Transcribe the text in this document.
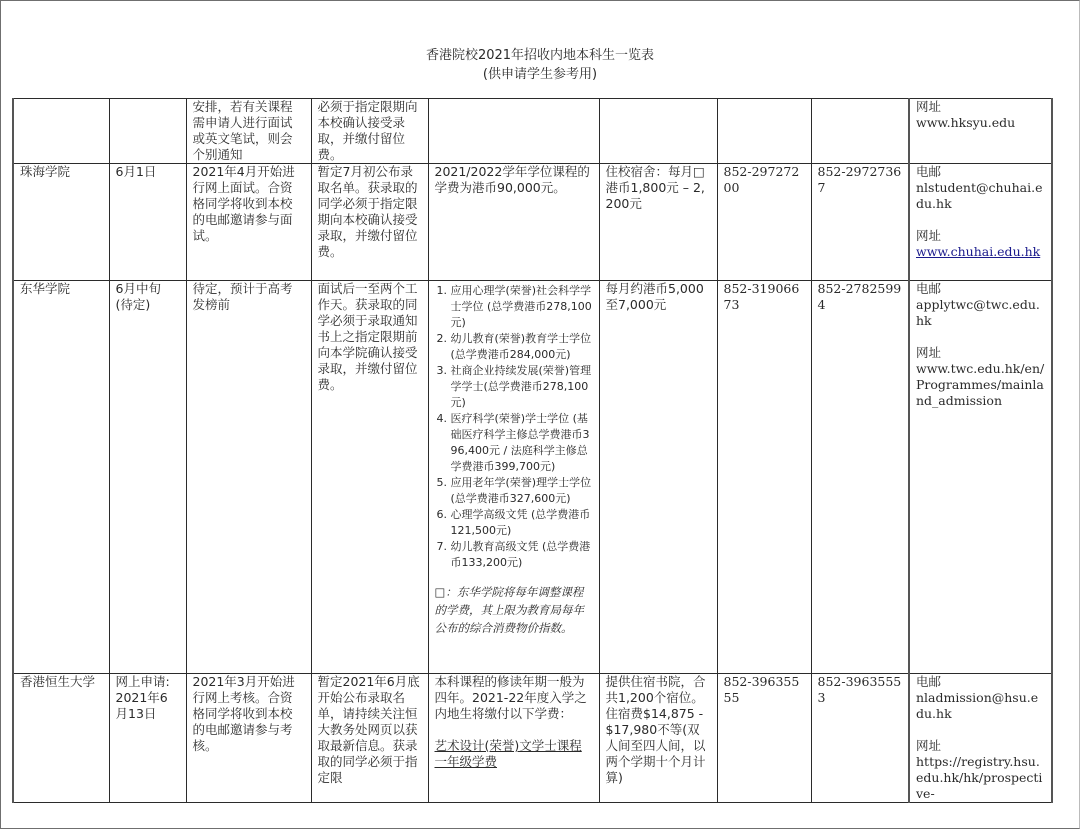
香港院校2021年招收内地本科生一览表
(供申请学生参考用)
		安排，若有关课程需申请人进行面试或英文笔试，则会个别通知	必须于指定限期向本校确认接受录取，并缴付留位费。					网址
www.hksyu.edu

珠海学院	6月1日	2021年4月开始进行网上面试。合资格同学将收到本校的电邮邀请参与面试。	暂定7月初公布录取名单。获录取的同学必须于指定限期向本校确认接受录取，并缴付留位费。	2021/2022学年学位课程的学费为港币90,000元。	住校宿舍：每月□港币1,800元 – 2,200元	852-29727200	852-29727367	电邮
nlstudent@chuhai.edu.hk
网址
www.chuhai.edu.hk

东华学院	6月中旬 (待定)	待定，预计于高考发榜前	面试后一至两个工作天。获录取的同学必须于录取通知书上之指定限期前向本学院确认接受录取，并缴付留位费。	
1. 应用心理学(荣誉)社会科学学士学位 (总学费港币278,100元)
2. 幼儿教育(荣誉)教育学士学位 (总学费港币284,000元)
3. 社商企业持续发展(荣誉)管理学学士(总学费港币278,100元)
4. 医疗科学(荣誉)学士学位 (基础医疗科学主修总学费港币396,400元 / 法庭科学主修总学费港币399,700元)
5. 应用老年学(荣誉)理学士学位 (总学费港币327,600元)
6. 心理学高级文凭 (总学费港币121,500元)
7. 幼儿教育高级文凭 (总学费港币133,200元)
□：东华学院将每年调整课程的学费，其上限为教育局每年公布的综合消费物价指数。
	每月约港币5,000至7,000元	852-31906673	852-27825994	
电邮
applytwc@twc.edu.hk
网址
www.twc.edu.hk/en/Programmes/mainland_admission

香港恒生大学	网上申请: 2021年6月13日	2021年3月开始进行网上考核。合资格同学将收到本校的电邮邀请参与考核。	暂定2021年6月底开始公布录取名单，请持续关注恒大教务处网页以获取最新信息。获录取的同学必须于指定限	
本科课程的修读年期一般为四年。2021-22年度入学之内地生将缴付以下学费：
艺术设计(荣誉)文学士课程一年级学费
	提供住宿书院，合共1,200个宿位。住宿费$14,875 - $17,980不等(双人间至四人间，以两个学期十个月计算)	852-39635555	852-39635553	
电邮
nladmission@hsu.edu.hk
网址
https://registry.hsu.edu.hk/hk/prospective-
